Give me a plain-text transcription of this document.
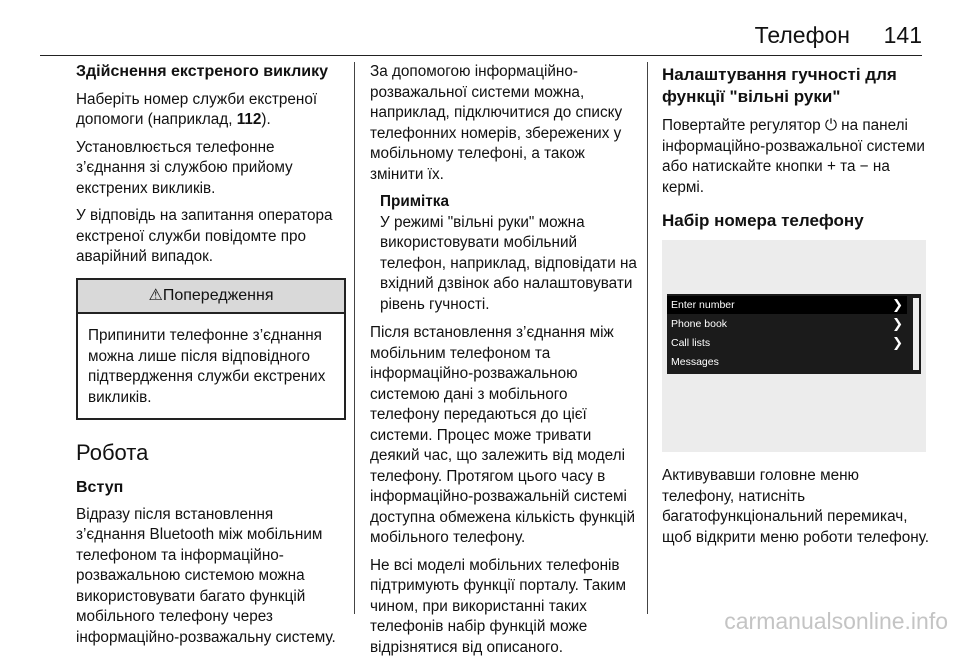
Телефон 141
Здійснення екстреного виклику

Наберіть номер служби екстреної допомоги (наприклад, 112).

Установлюється телефонне з’єднання зі службою прийому екстрених викликів.

У відповідь на запитання оператора екстреної служби повідомте про аварійний випадок.

⚠Попередження
Припинити телефонне з’єднання можна лише після відповідного підтвердження служби екстрених викликів.
Робота
Вступ

Відразу після встановлення з’єднання Bluetooth між мобільним телефоном та інформаційно-розважальною системою можна використовувати багато функцій мобільного телефону через інформаційно-розважальну систему.

За допомогою інформаційно-розважальної системи можна, наприклад, підключитися до списку телефонних номерів, збережених у мобільному телефоні, а також змінити їх.

Примітка
У режимі "вільні руки" можна використовувати мобільний телефон, наприклад, відповідати на вхідний дзвінок або налаштовувати рівень гучності.

Після встановлення з’єднання між мобільним телефоном та інформаційно-розважальною системою дані з мобільного телефону передаються до цієї системи. Процес може тривати деякий час, що залежить від моделі телефону. Протягом цього часу в інформаційно-розважальній системі доступна обмежена кількість функцій мобільного телефону.

Не всі моделі мобільних телефонів підтримують функції порталу. Таким чином, при використанні таких телефонів набір функцій може відрізнятися від описаного.

Налаштування гучності для функції "вільні руки"

Повертайте регулятор ⏻ на панелі інформаційно-розважальної системи або натискайте кнопки + та − на кермі.

Набір номера телефону
Enter number	❯
Phone book	❯
Call lists	❯
Messages

Активувавши головне меню телефону, натисніть багатофункціональний перемикач, щоб відкрити меню роботи телефону.

carmanualsonline.info
